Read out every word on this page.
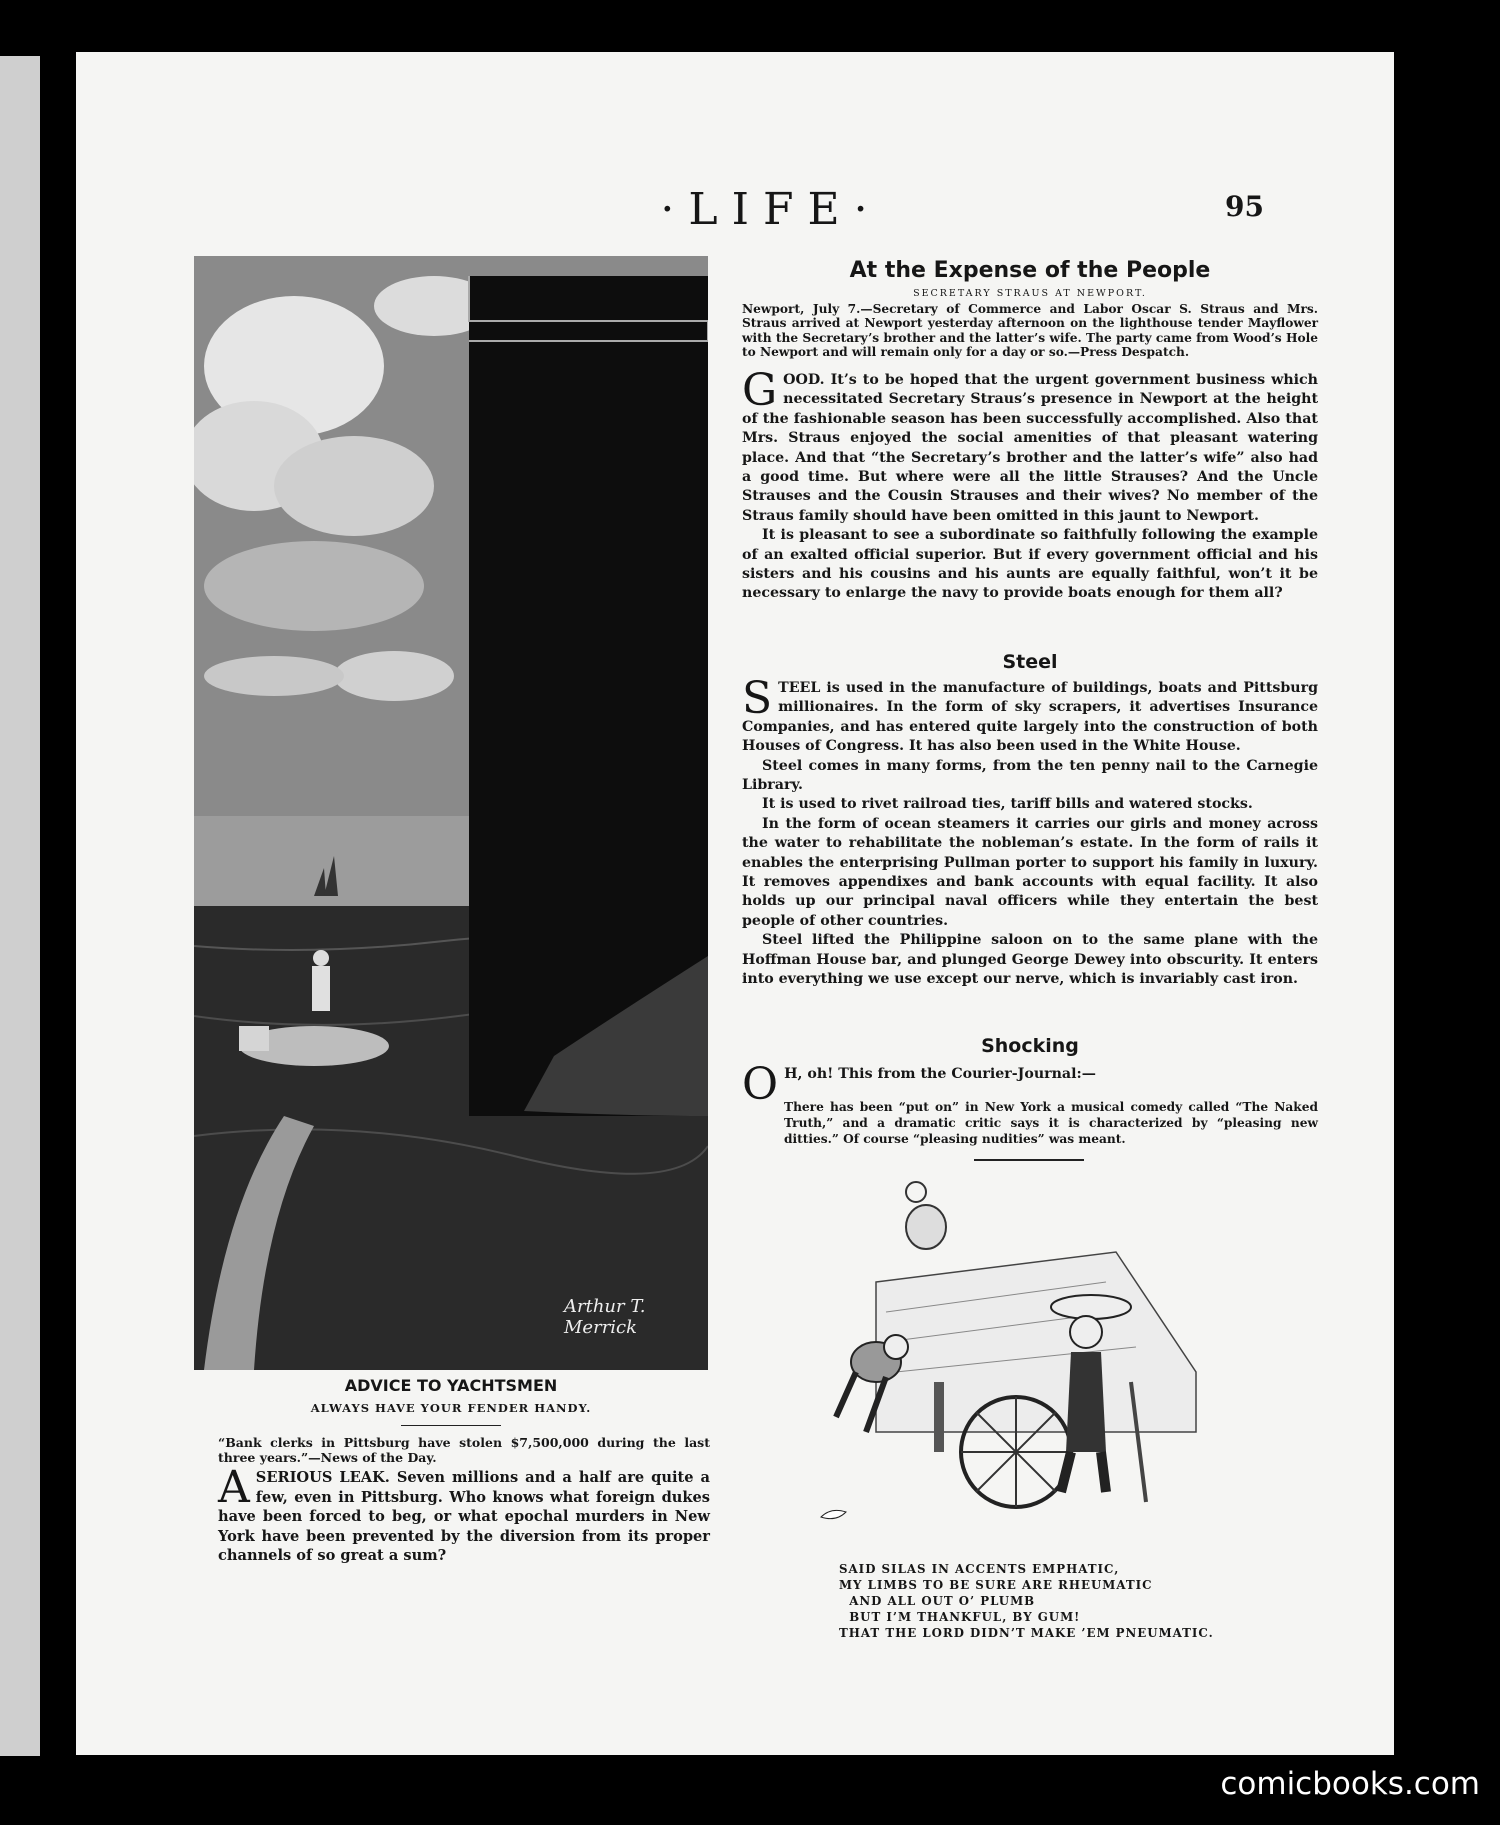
·LIFE·	95
Arthur T. Merrick
ADVICE TO YACHTSMEN
ALWAYS HAVE YOUR FENDER HANDY.
“Bank clerks in Pittsburg have stolen $7,500,000 during the last three years.”—News of the Day.
A SERIOUS LEAK. Seven millions and a half are quite a few, even in Pittsburg. Who knows what foreign dukes have been forced to beg, or what epochal murders in New York have been prevented by the diversion from its proper channels of so great a sum?
At the Expense of the People
SECRETARY STRAUS AT NEWPORT.
Newport, July 7.—Secretary of Commerce and Labor Oscar S. Straus and Mrs. Straus arrived at Newport yesterday afternoon on the lighthouse tender Mayflower with the Secretary’s brother and the latter’s wife. The party came from Wood’s Hole to Newport and will remain only for a day or so.—Press Despatch.

GOOD. It’s to be hoped that the urgent government business which necessitated Secretary Straus’s presence in Newport at the height of the fashionable season has been successfully accomplished. Also that Mrs. Straus enjoyed the social amenities of that pleasant watering place. And that “the Secretary’s brother and the latter’s wife” also had a good time. But where were all the little Strauses? And the Uncle Strauses and the Cousin Strauses and their wives? No member of the Straus family should have been omitted in this jaunt to Newport.

It is pleasant to see a subordinate so faithfully following the example of an exalted official superior. But if every government official and his sisters and his cousins and his aunts are equally faithful, won’t it be necessary to enlarge the navy to provide boats enough for them all?

Steel

STEEL is used in the manufacture of buildings, boats and Pittsburg millionaires. In the form of sky scrapers, it advertises Insurance Companies, and has entered quite largely into the construction of both Houses of Congress. It has also been used in the White House.

Steel comes in many forms, from the ten penny nail to the Carnegie Library.

It is used to rivet railroad ties, tariff bills and watered stocks.

In the form of ocean steamers it carries our girls and money across the water to rehabilitate the nobleman’s estate. In the form of rails it enables the enterprising Pullman porter to support his family in luxury. It removes appendixes and bank accounts with equal facility. It also holds up our principal naval officers while they entertain the best people of other countries.

Steel lifted the Philippine saloon on to the same plane with the Hoffman House bar, and plunged George Dewey into obscurity. It enters into everything we use except our nerve, which is invariably cast iron.

Shocking
O H, oh! This from the Courier-Journal:—
There has been “put on” in New York a musical comedy called “The Naked Truth,” and a dramatic critic says it is characterized by “pleasing new ditties.” Of course “pleasing nudities” was meant.
SAID SILAS IN ACCENTS EMPHATIC,
MY LIMBS TO BE SURE ARE RHEUMATIC
AND ALL OUT O’ PLUMB
BUT I’M THANKFUL, BY GUM!
THAT THE LORD DIDN’T MAKE ’EM PNEUMATIC.
comicbooks.com
